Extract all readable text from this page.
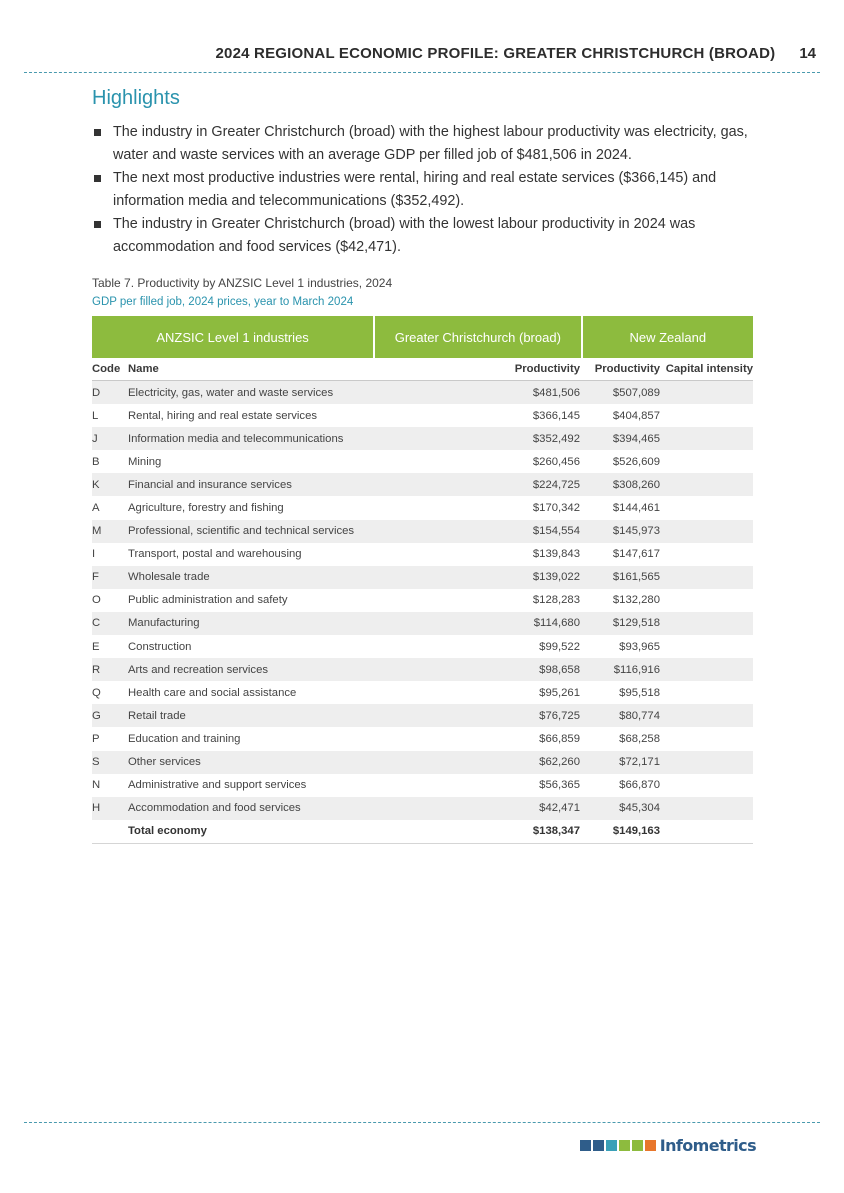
2024 REGIONAL ECONOMIC PROFILE: GREATER CHRISTCHURCH (BROAD) 14
Highlights
The industry in Greater Christchurch (broad) with the highest labour productivity was electricity, gas, water and waste services with an average GDP per filled job of $481,506 in 2024.
The next most productive industries were rental, hiring and real estate services ($366,145) and information media and telecommunications ($352,492).
The industry in Greater Christchurch (broad) with the lowest labour productivity in 2024 was accommodation and food services ($42,471).
Table 7. Productivity by ANZSIC Level 1 industries, 2024
GDP per filled job, 2024 prices, year to March 2024
ANZSIC Level 1 industries	Greater Christchurch (broad)	New Zealand
Code	Name	Productivity	Productivity	Capital intensity
D	Electricity, gas, water and waste services	$481,506	$507,089	
L	Rental, hiring and real estate services	$366,145	$404,857	
J	Information media and telecommunications	$352,492	$394,465	
B	Mining	$260,456	$526,609	
K	Financial and insurance services	$224,725	$308,260	
A	Agriculture, forestry and fishing	$170,342	$144,461	
M	Professional, scientific and technical services	$154,554	$145,973	
I	Transport, postal and warehousing	$139,843	$147,617	
F	Wholesale trade	$139,022	$161,565	
O	Public administration and safety	$128,283	$132,280	
C	Manufacturing	$114,680	$129,518	
E	Construction	$99,522	$93,965	
R	Arts and recreation services	$98,658	$116,916	
Q	Health care and social assistance	$95,261	$95,518	
G	Retail trade	$76,725	$80,774	
P	Education and training	$66,859	$68,258	
S	Other services	$62,260	$72,171	
N	Administrative and support services	$56,365	$66,870	
H	Accommodation and food services	$42,471	$45,304	
	Total economy	$138,347	$149,163	
Infometrics
